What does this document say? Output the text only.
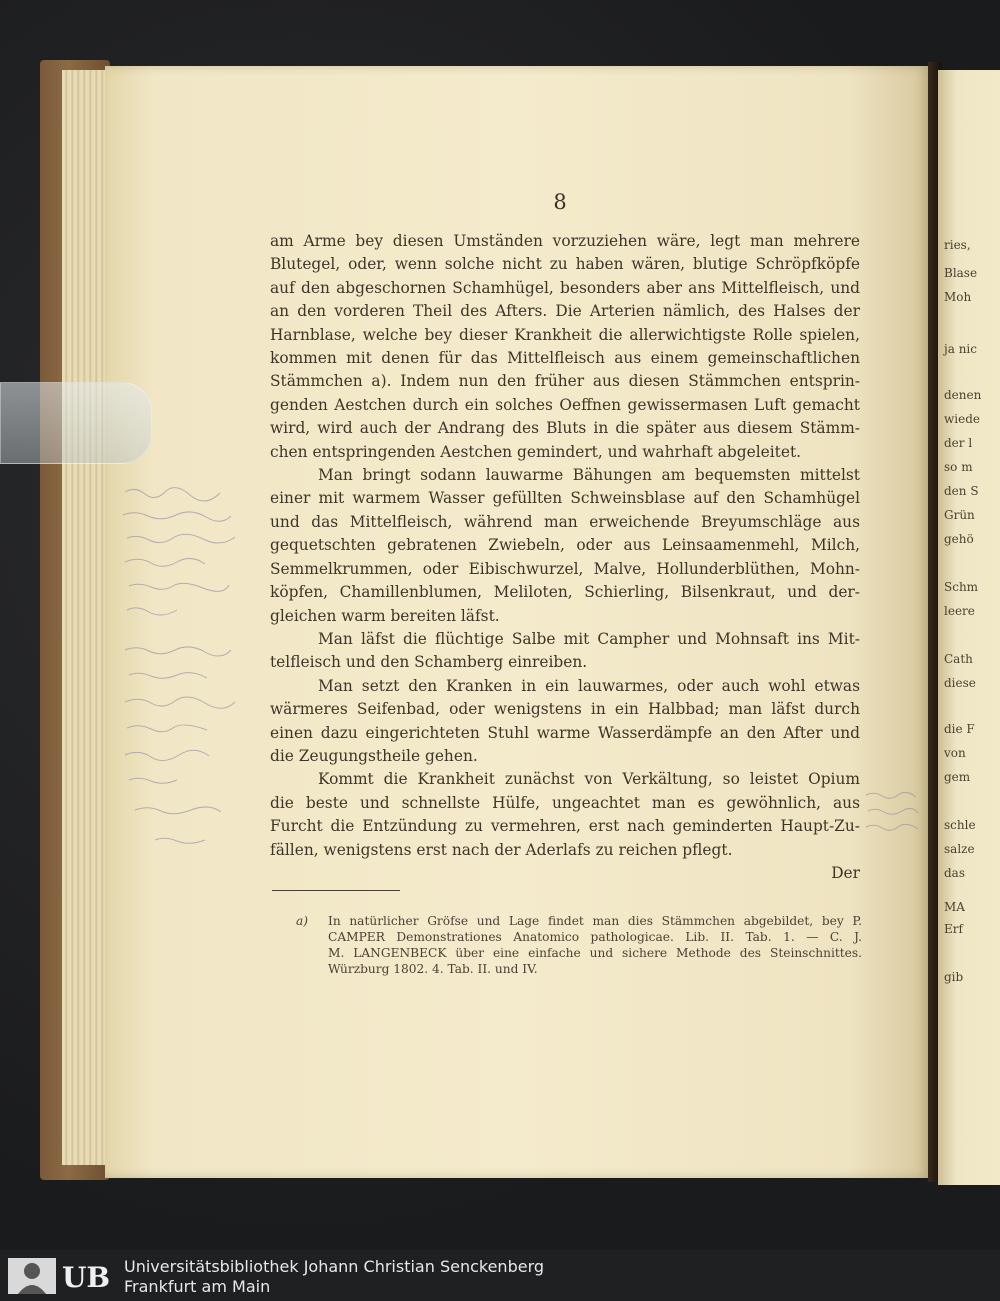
ries,
Blase
Moh
ja nic
denen
wiede
der l
so m
den S
Grün
gehö
Schm
leere
Cath
diese
die F
von
gem
schle
salze
das
MA
Erf
gib
8
am Arme bey diesen Umständen vorzuziehen wäre, legt man mehrere
Blutegel, oder, wenn solche nicht zu haben wären, blutige Schröpfköpfe
auf den abgeschornen Schamhügel, besonders aber ans Mittelfleisch, und
an den vorderen Theil des Afters. Die Arterien nämlich, des Halses der
Harnblase, welche bey dieser Krankheit die allerwichtigste Rolle spielen,
kommen mit denen für das Mittelfleisch aus einem gemeinschaftlichen
Stämmchen a). Indem nun den früher aus diesen Stämmchen entsprin-
genden Aestchen durch ein solches Oeffnen gewissermasen Luft gemacht
wird, wird auch der Andrang des Bluts in die später aus diesem Stämm-
chen entspringenden Aestchen gemindert, und wahrhaft abgeleitet.
Man bringt sodann lauwarme Bähungen am bequemsten mittelst
einer mit warmem Wasser gefüllten Schweinsblase auf den Schamhügel
und das Mittelfleisch, während man erweichende Breyumschläge aus
gequetschten gebratenen Zwiebeln, oder aus Leinsaamenmehl, Milch,
Semmelkrummen, oder Eibischwurzel, Malve, Hollunderblüthen, Mohn-
köpfen, Chamillenblumen, Meliloten, Schierling, Bilsenkraut, und der-
gleichen warm bereiten läfst.
Man läfst die flüchtige Salbe mit Campher und Mohnsaft ins Mit-
telfleisch und den Schamberg einreiben.
Man setzt den Kranken in ein lauwarmes, oder auch wohl etwas
wärmeres Seifenbad, oder wenigstens in ein Halbbad; man läfst durch
einen dazu eingerichteten Stuhl warme Wasserdämpfe an den After und
die Zeugungstheile gehen.
Kommt die Krankheit zunächst von Verkältung, so leistet Opium
die beste und schnellste Hülfe, ungeachtet man es gewöhnlich, aus
Furcht die Entzündung zu vermehren, erst nach geminderten Haupt-Zu-
fällen, wenigstens erst nach der Aderlafs zu reichen pflegt.
Der
a) In natürlicher Gröfse und Lage findet man dies Stämmchen abgebildet, bey P.
CAMPER Demonstrationes Anatomico pathologicae. Lib. II. Tab. 1. — C. J.
M. LANGENBECK über eine einfache und sichere Methode des Steinschnittes.
Würzburg 1802. 4. Tab. II. und IV.
UB Universitätsbibliothek Johann Christian Senckenberg
Frankfurt am Main
